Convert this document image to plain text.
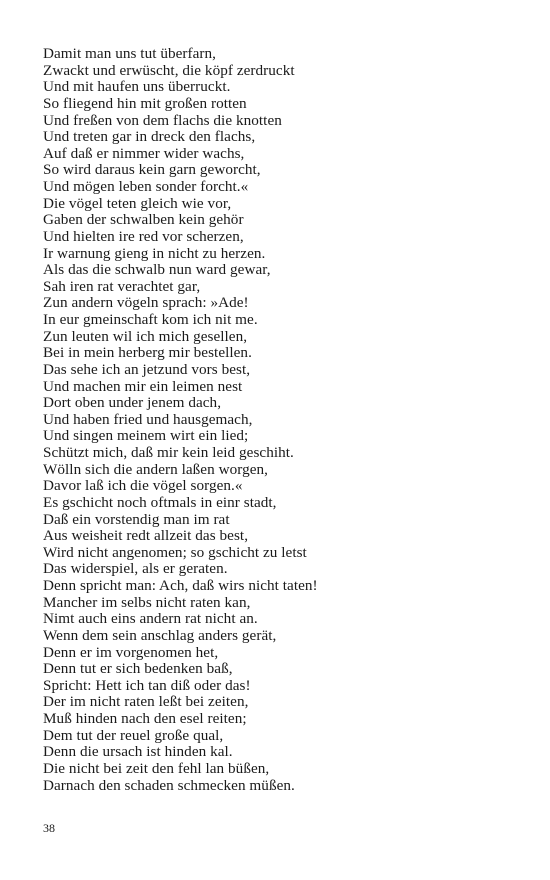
Damit man uns tut überfarn,
Zwackt und erwüscht, die köpf zerdruckt
Und mit haufen uns überruckt.
So fliegend hin mit großen rotten
Und freßen von dem flachs die knotten
Und treten gar in dreck den flachs,
Auf daß er nimmer wider wachs,
So wird daraus kein garn geworcht,
Und mögen leben sonder forcht.«
Die vögel teten gleich wie vor,
Gaben der schwalben kein gehör
Und hielten ire red vor scherzen,
Ir warnung gieng in nicht zu herzen.
Als das die schwalb nun ward gewar,
Sah iren rat verachtet gar,
Zun andern vögeln sprach: »Ade!
In eur gmeinschaft kom ich nit me.
Zun leuten wil ich mich gesellen,
Bei in mein herberg mir bestellen.
Das sehe ich an jetzund vors best,
Und machen mir ein leimen nest
Dort oben under jenem dach,
Und haben fried und hausgemach,
Und singen meinem wirt ein lied;
Schützt mich, daß mir kein leid geschiht.
Wölln sich die andern laßen worgen,
Davor laß ich die vögel sorgen.«
Es gschicht noch oftmals in einr stadt,
Daß ein vorstendig man im rat
Aus weisheit redt allzeit das best,
Wird nicht angenomen; so gschicht zu letst
Das widerspiel, als er geraten.
Denn spricht man: Ach, daß wirs nicht taten!
Mancher im selbs nicht raten kan,
Nimt auch eins andern rat nicht an.
Wenn dem sein anschlag anders gerät,
Denn er im vorgenomen het,
Denn tut er sich bedenken baß,
Spricht: Hett ich tan diß oder das!
Der im nicht raten leßt bei zeiten,
Muß hinden nach den esel reiten;
Dem tut der reuel große qual,
Denn die ursach ist hinden kal.
Die nicht bei zeit den fehl lan büßen,
Darnach den schaden schmecken müßen.
38
